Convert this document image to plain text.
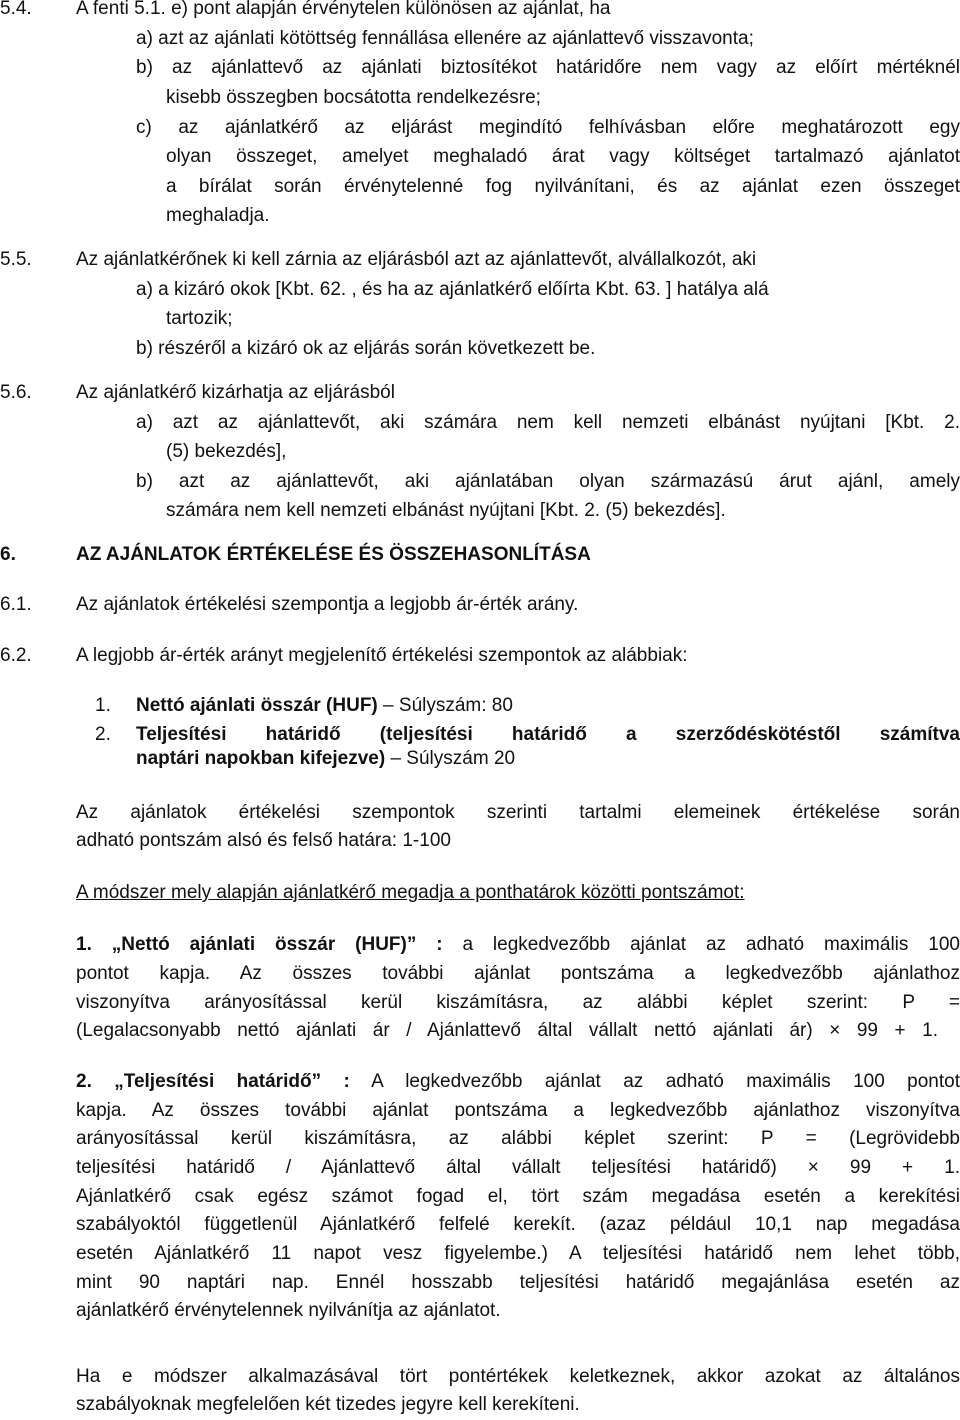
5.4. A fenti 5.1. e) pont alapján érvénytelen különösen az ajánlat, ha
a) azt az ajánlati kötöttség fennállása ellenére az ajánlattevő visszavonta;
b) az ajánlattevő az ajánlati biztosítékot határidőre nem vagy az előírt mértéknél
kisebb összegben bocsátotta rendelkezésre;
c) az ajánlatkérő az eljárást megindító felhívásban előre meghatározott egy
olyan összeget, amelyet meghaladó árat vagy költséget tartalmazó ajánlatot
a bírálat során érvénytelenné fog nyilvánítani, és az ajánlat ezen összeget
meghaladja.
5.5. Az ajánlatkérőnek ki kell zárnia az eljárásból azt az ajánlattevőt, alvállalkozót, aki
a) a kizáró okok [Kbt. 62. , és ha az ajánlatkérő előírta Kbt. 63. ] hatálya alá
tartozik;
b) részéről a kizáró ok az eljárás során következett be.
5.6. Az ajánlatkérő kizárhatja az eljárásból
a) azt az ajánlattevőt, aki számára nem kell nemzeti elbánást nyújtani [Kbt. 2.
(5) bekezdés],
b) azt az ajánlattevőt, aki ajánlatában olyan származású árut ajánl, amely
számára nem kell nemzeti elbánást nyújtani [Kbt. 2. (5) bekezdés].
6.	AZ AJÁNLATOK ÉRTÉKELÉSE ÉS ÖSSZEHASONLÍTÁSA
6.1. Az ajánlatok értékelési szempontja a legjobb ár-érték arány.
6.2. A legjobb ár-érték arányt megjelenítő értékelési szempontok az alábbiak:
1. Nettó ajánlati összár (HUF) – Súlyszám: 80
2. Teljesítési határidő (teljesítési határidő a szerződéskötéstől számítva
naptári napokban kifejezve) – Súlyszám 20
Az ajánlatok értékelési szempontok szerinti tartalmi elemeinek értékelése során
adható pontszám alsó és felső határa: 1-100
A módszer mely alapján ajánlatkérő megadja a ponthatárok közötti pontszámot:
1. „Nettó ajánlati összár (HUF)” : a legkedvezőbb ajánlat az adható maximális 100
pontot kapja. Az összes további ajánlat pontszáma a legkedvezőbb ajánlathoz
viszonyítva arányosítással kerül kiszámításra, az alábbi képlet szerint: P =
(Legalacsonyabb nettó ajánlati ár / Ajánlattevő által vállalt nettó ajánlati ár) × 99 + 1.
2. „Teljesítési határidő” : A legkedvezőbb ajánlat az adható maximális 100 pontot
kapja. Az összes további ajánlat pontszáma a legkedvezőbb ajánlathoz viszonyítva
arányosítással kerül kiszámításra, az alábbi képlet szerint: P = (Legrövidebb
teljesítési határidő / Ajánlattevő által vállalt teljesítési határidő) × 99 + 1.
Ajánlatkérő csak egész számot fogad el, tört szám megadása esetén a kerekítési
szabályoktól függetlenül Ajánlatkérő felfelé kerekít. (azaz például 10,1 nap megadása
esetén Ajánlatkérő 11 napot vesz figyelembe.) A teljesítési határidő nem lehet több,
mint 90 naptári nap. Ennél hosszabb teljesítési határidő megajánlása esetén az
ajánlatkérő érvénytelennek nyilvánítja az ajánlatot.
Ha e módszer alkalmazásával tört pontértékek keletkeznek, akkor azokat az általános
szabályoknak megfelelően két tizedes jegyre kell kerekíteni.
